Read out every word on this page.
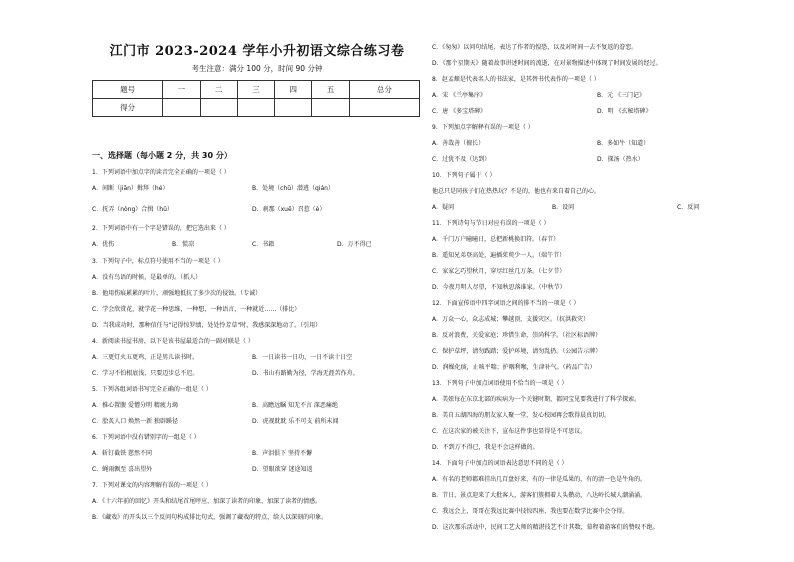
江门市 2023-2024 学年小升初语文综合练习卷
考生注意：满分 100 分，时间 90 分钟
题号	一	二	三	四	五	总分
得分						
一、选择题（每小题 2 分，共 30 分）
1．下列词语中加点字的读音完全正确的一项是（ ）
A．间断（jiān）揖拜（hé）	B．处境（chǔ）潜逃（qián）
C．抚弄（nòng）合揖（hǔ）	D．刹那（xuē）召惹（è）
2．下列词语中有一个字是错误的，把它选出来（ ）
A．优伤	B．慌凉	C．书籍	D．万不得已
3．下列句子中，标点符号使用不当的一项是（ ）
A．没有鸟语的时候，是最单的。（抓人）
B．他用伤痕累累的叶片，顽强地抵抗了多少次的侵蚀。（专诚）
C．学会欣赏花，就学花一种思维，一种想，一种语言，一种就近……（排比）
D．当我成功时，那种信任与"记得惊罗绩，处处怜芳草"时，我感深深地动了。（引用）
4．新阅读书屋书房，以下是该书屋最适合的一副对联是（ ）
A．三更灯火五更鸡，正是男儿读书时。	B．一日读书一日功，一日不读十日空
C．学习不怕根底浅，只要迈步总不迟。	D．书山有路勤为径，学海无涯苦作舟。
5．下列各组词语书写完全正确的一组是（ ）
A．推心置腹 爱憎分明 精疲力竭	B．高瞻远瞩 知无不言 深恶痛绝
C．脍炙人口 焕然一新 独辟蹊径	D．虎视眈眈 乐不可支 前所未闻
6．下列词语中没有错别字的一组是（ ）
A．斩钉截铁 慈然不同	B．声泪俱下 坚持不懈
C．蝇雨飘至 喜出望外	D．望眼欲穿 迷途知返
7．下列对课文的内容理解有误的一项是（ ）
A．《十六年前的回忆》开头和结尾首尾呼应，加深了读者的印象，加深了读者的情感。
B．《藏戏》的开头以三个反问句构成排比句式，强调了藏戏的特点，给人以深刻的印象。
C．《匆匆》以问句结尾，表达了作者的惶恐，以及对时间一去不复返的眷恋。
D．《那个星期天》随着故事讲述时间的流逝，在对景物描述中体现了时间发展的经过。
8．赵孟頫是代表名人的书法家，是其替书代表作的一项是（ ）
A．宋 《兰亭集序》	B．元 《三门记》
C．唐 《多宝塔碑》	D．明 《玄秘塔碑》
9．下列加点字解释有误的一项是（ ）
A．善哉善（擅长）	B．多如牛（知道）
C．过犹不及（达到）	D．探汤（热水）
10．下列句子属于（ ）
他总只是同孩子们在热热玩？不是的，他也有来自着自己的心。
A．疑问	B．设问	C．反问
11．下列诗句与节日对应有误的一项是（ ）
A．千门万户曈曈日，总把新桃换旧符。（春节）
B．遥知兄弟登高处，遍插茱萸少一人。（端午节）
C．家家乞巧望秋月，穿尽红丝几万条。（七夕节）
D．今夜月明人尽望，不知秋思落谁家。（中秋节）
12．下面宣传语中四字词语之间的排不当的一项是（ ）
A．万众一心，众志成城；攀越顶，支援灾区。（抗洪救灾）
B．反对浪费，关爱家庭；珍惜生命，崇尚科学。（社区标语牌）
C．保护草坪，请勿践踏；爱护环境，请勿乱扔。（公园告示牌）
D．润燥化痰，止咳平喘；护咽利喉，生津补气。（药品广告）
13．下列句子中加点词语使用不恰当的一项是（ ）
A．美妞每在东京北部的疾病为一个关键时期，都同宝见要我进行了科学探索。
B．美自五湖四海的朋友家人聚一堂，发心校园再会歌得晨真切切。
C．在这次家的被关注下，宣布这件事也显得是不可思议。
D．不到万不得已，我是不会这样做的。
14．下面句子中加点的词语表达意思不同的是（ ）
A．有名的老师都难挂出几百盘好来，有的一律是瓜果的，有的清一色是牛角的。
B．节日，景点迎来了大批客人，游客们簇拥着人头攒动，八达岭长城人潮涌涌。
C．我远会上，哥哥在我远比赛中技惊四座，我也要在数学比赛中会夺得。
D．这次那乐活动中，民间工艺大师的精湛技艺不计其数，慕程着游客们的赞叹不绝。
